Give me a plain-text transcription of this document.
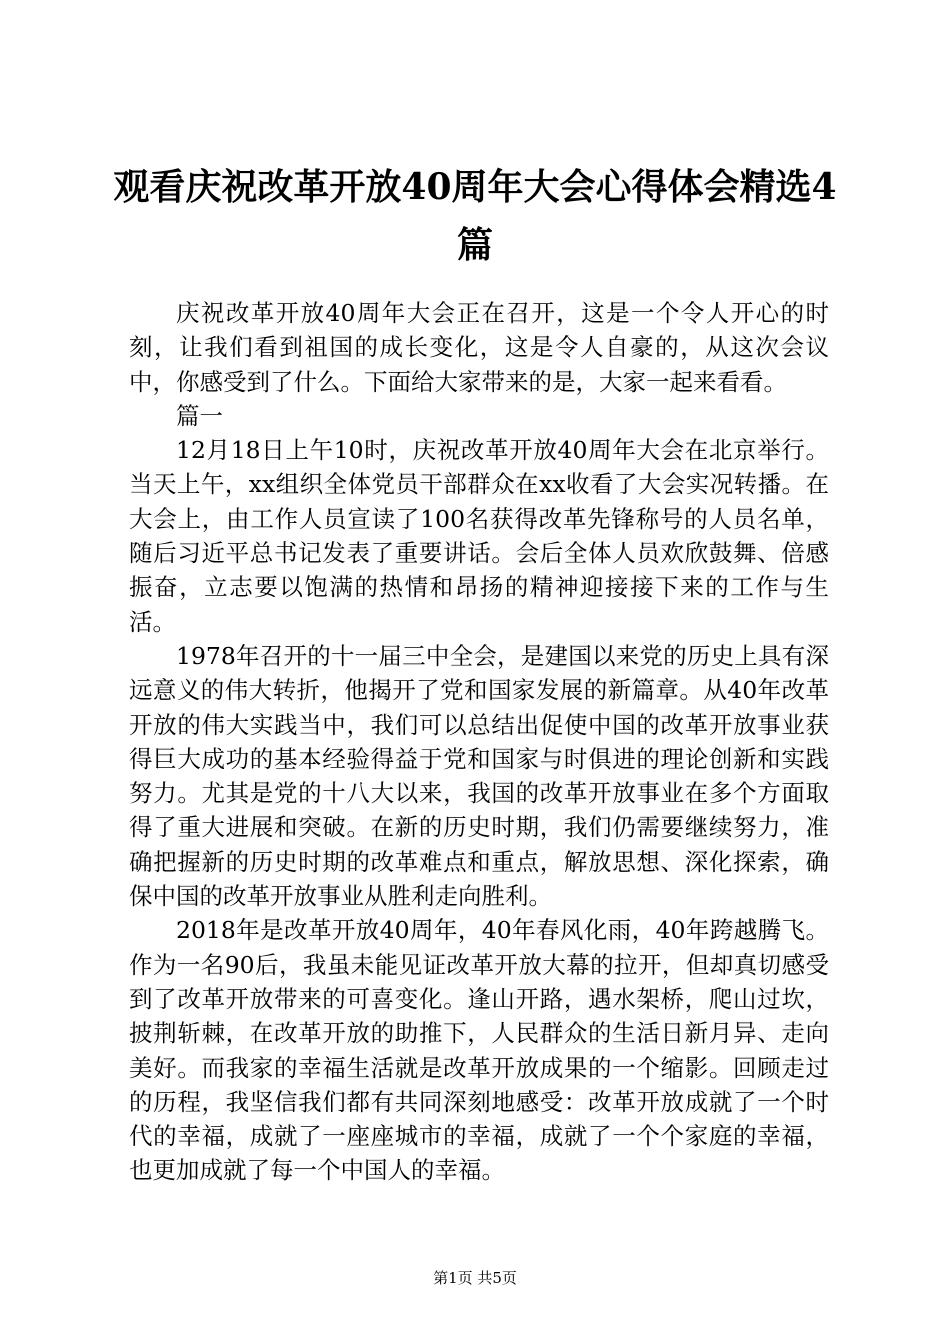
观看庆祝改革开放40周年大会心得体会精选4篇

庆祝改革开放40周年大会正在召开，这是一个令人开心的时刻，让我们看到祖国的成长变化，这是令人自豪的，从这次会议中，你感受到了什么。下面给大家带来的是，大家一起来看看。

篇一

12月18日上午10时，庆祝改革开放40周年大会在北京举行。当天上午，xx组织全体党员干部群众在xx收看了大会实况转播。在大会上，由工作人员宣读了100名获得改革先锋称号的人员名单，随后习近平总书记发表了重要讲话。会后全体人员欢欣鼓舞、倍感振奋，立志要以饱满的热情和昂扬的精神迎接接下来的工作与生活。

1978年召开的十一届三中全会，是建国以来党的历史上具有深远意义的伟大转折，他揭开了党和国家发展的新篇章。从40年改革开放的伟大实践当中，我们可以总结出促使中国的改革开放事业获得巨大成功的基本经验得益于党和国家与时俱进的理论创新和实践努力。尤其是党的十八大以来，我国的改革开放事业在多个方面取得了重大进展和突破。在新的历史时期，我们仍需要继续努力，准确把握新的历史时期的改革难点和重点，解放思想、深化探索，确保中国的改革开放事业从胜利走向胜利。

2018年是改革开放40周年，40年春风化雨，40年跨越腾飞。作为一名90后，我虽未能见证改革开放大幕的拉开，但却真切感受到了改革开放带来的可喜变化。逢山开路，遇水架桥，爬山过坎，披荆斩棘，在改革开放的助推下，人民群众的生活日新月异、走向美好。而我家的幸福生活就是改革开放成果的一个缩影。回顾走过的历程，我坚信我们都有共同深刻地感受：改革开放成就了一个时代的幸福，成就了一座座城市的幸福，成就了一个个家庭的幸福，也更加成就了每一个中国人的幸福。

第1页 共5页
